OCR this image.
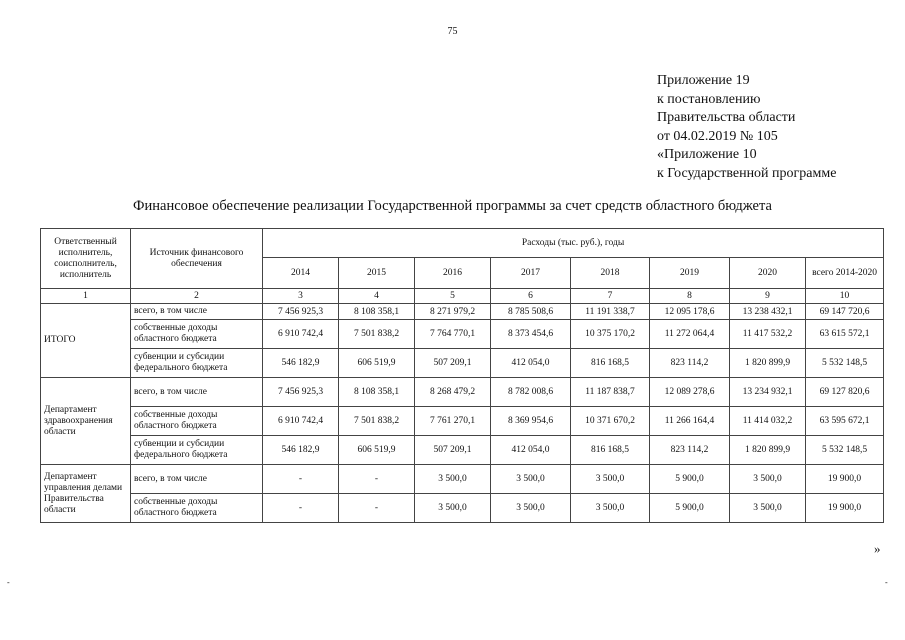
75
Приложение 19
к постановлению
Правительства области
от 04.02.2019 № 105
«Приложение 10
к Государственной программе
Финансовое обеспечение реализации Государственной программы за счет средств областного бюджета
Ответственный исполнитель, соисполнитель, исполнитель	Источник финансового обеспечения	Расходы (тыс. руб.), годы							
		2014	2015	2016	2017	2018	2019	2020	всего 2014-2020
1	2	3	4	5	6	7	8	9	10
ИТОГО	всего, в том числе	7 456 925,3	8 108 358,1	8 271 979,2	8 785 508,6	11 191 338,7	12 095 178,6	13 238 432,1	69 147 720,6
	собственные доходы областного бюджета	6 910 742,4	7 501 838,2	7 764 770,1	8 373 454,6	10 375 170,2	11 272 064,4	11 417 532,2	63 615 572,1
	субвенции и субсидии федерального бюджета	546 182,9	606 519,9	507 209,1	412 054,0	816 168,5	823 114,2	1 820 899,9	5 532 148,5
Департамент здравоохранения области	всего, в том числе	7 456 925,3	8 108 358,1	8 268 479,2	8 782 008,6	11 187 838,7	12 089 278,6	13 234 932,1	69 127 820,6
	собственные доходы областного бюджета	6 910 742,4	7 501 838,2	7 761 270,1	8 369 954,6	10 371 670,2	11 266 164,4	11 414 032,2	63 595 672,1
	субвенции и субсидии федерального бюджета	546 182,9	606 519,9	507 209,1	412 054,0	816 168,5	823 114,2	1 820 899,9	5 532 148,5
Департамент управления делами Правительства области	всего, в том числе	-	-	3 500,0	3 500,0	3 500,0	5 900,0	3 500,0	19 900,0
	собственные доходы областного бюджета	-	-	3 500,0	3 500,0	3 500,0	5 900,0	3 500,0	19 900,0
»
-	-
